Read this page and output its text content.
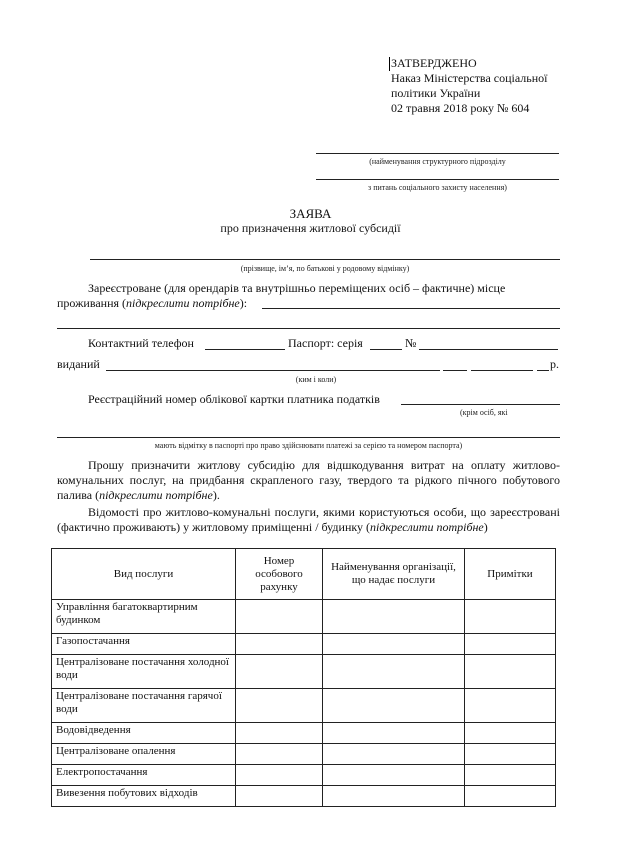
ЗАТВЕРДЖЕНО
Наказ Міністерства соціальної
політики України
02 травня 2018 року № 604
(найменування структурного підрозділу
з питань соціального захисту населення)
ЗАЯВА
про призначення житлової субсидії
(прізвище, ім’я, по батькові у родовому відмінку)
Зареєстроване (для орендарів та внутрішньо переміщених осіб – фактичне) місце
проживання (підкреслити потрібне):
Контактний телефон	Паспорт: серія	№
виданий	р.
(ким і коли)
Реєстраційний номер облікової картки платника податків
(крім осіб, які
мають відмітку в паспорті про право здійснювати платежі за серією та номером паспорта)
Прошу призначити житлову субсидію для відшкодування витрат на оплату житлово-комунальних послуг, на придбання скрапленого газу, твердого та рідкого пічного побутового палива (підкреслити потрібне).
Відомості про житлово-комунальні послуги, якими користуються особи, що зареєстровані (фактично проживають) у житловому приміщенні / будинку (підкреслити потрібне)
Вид послуги	Номер особового рахунку	Найменування організації, що надає послуги	Примітки
Управління багатоквартирним будинком			
Газопостачання			
Централізоване постачання холодної води			
Централізоване постачання гарячої води			
Водовідведення			
Централізоване опалення			
Електропостачання			
Вивезення побутових відходів			
